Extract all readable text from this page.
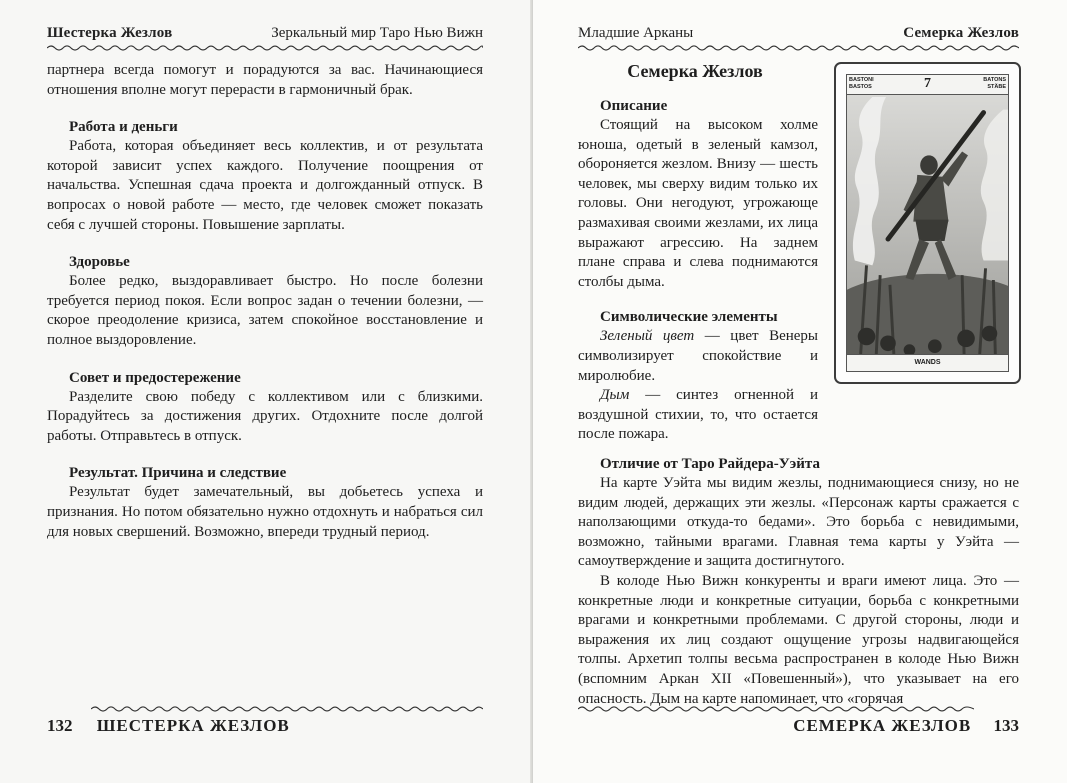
Шестерка Жезлов	Зеркальный мир Таро Нью Вижн

партнера всегда помогут и порадуются за вас. Начинающиеся отношения вполне могут перерасти в гармоничный брак.

Работа и деньги

Работа, которая объединяет весь коллектив, и от результата которой зависит успех каждого. Получение поощрения от начальства. Успешная сдача проекта и долгожданный отпуск. В вопросах о новой работе — место, где человек сможет показать себя с лучшей стороны. Повышение зарплаты.

Здоровье

Более редко, выздоравливает быстро. Но после болезни требуется период покоя. Если вопрос задан о течении болезни, — скорое преодоление кризиса, затем спокойное восстановление и полное выздоровление.

Совет и предостережение

Разделите свою победу с коллективом или с близкими. Порадуйтесь за достижения других. Отдохните после долгой работы. Отправьтесь в отпуск.

Результат. Причина и следствие

Результат будет замечательный, вы добьетесь успеха и признания. Но потом обязательно нужно отдохнуть и набраться сил для новых свершений. Возможно, впереди трудный период.

132 ШЕСТЕРКА ЖЕЗЛОВ
Младшие Арканы	Семерка Жезлов
Семерка Жезлов	BASTONI
BASTOS	7	BATONS
STÄBE
WANDS
Описание

Стоящий на высоком холме юноша, одетый в зеленый камзол, обороняется жезлом. Внизу — шесть человек, мы сверху видим только их головы. Они негодуют, угрожающе размахивая своими жезлами, их лица выражают агрессию. На заднем плане справа и слева поднимаются столбы дыма.

Символические элементы

Зеленый цвет — цвет Венеры символизирует спокойствие и миролюбие.

Дым — синтез огненной и воздушной стихии, то, что остается после пожара.

Отличие от Таро Райдера-Уэйта

На карте Уэйта мы видим жезлы, поднимающиеся снизу, но не видим людей, держащих эти жезлы. «Персонаж карты сражается с наползающими откуда-то бедами». Это борьба с невидимыми, возможно, тайными врагами. Главная тема карты у Уэйта — самоутверждение и защита достигнутого.

В колоде Нью Вижн конкуренты и враги имеют лица. Это — конкретные люди и конкретные ситуации, борьба с конкретными врагами и конкретными проблемами. С другой стороны, люди и выражения их лиц создают ощущение угрозы надвигающейся толпы. Архетип толпы весьма распространен в колоде Нью Вижн (вспомним Аркан XII «Повешенный»), что указывает на его опасность. Дым на карте напоминает, что «горячая

СЕМЕРКА ЖЕЗЛОВ 133
